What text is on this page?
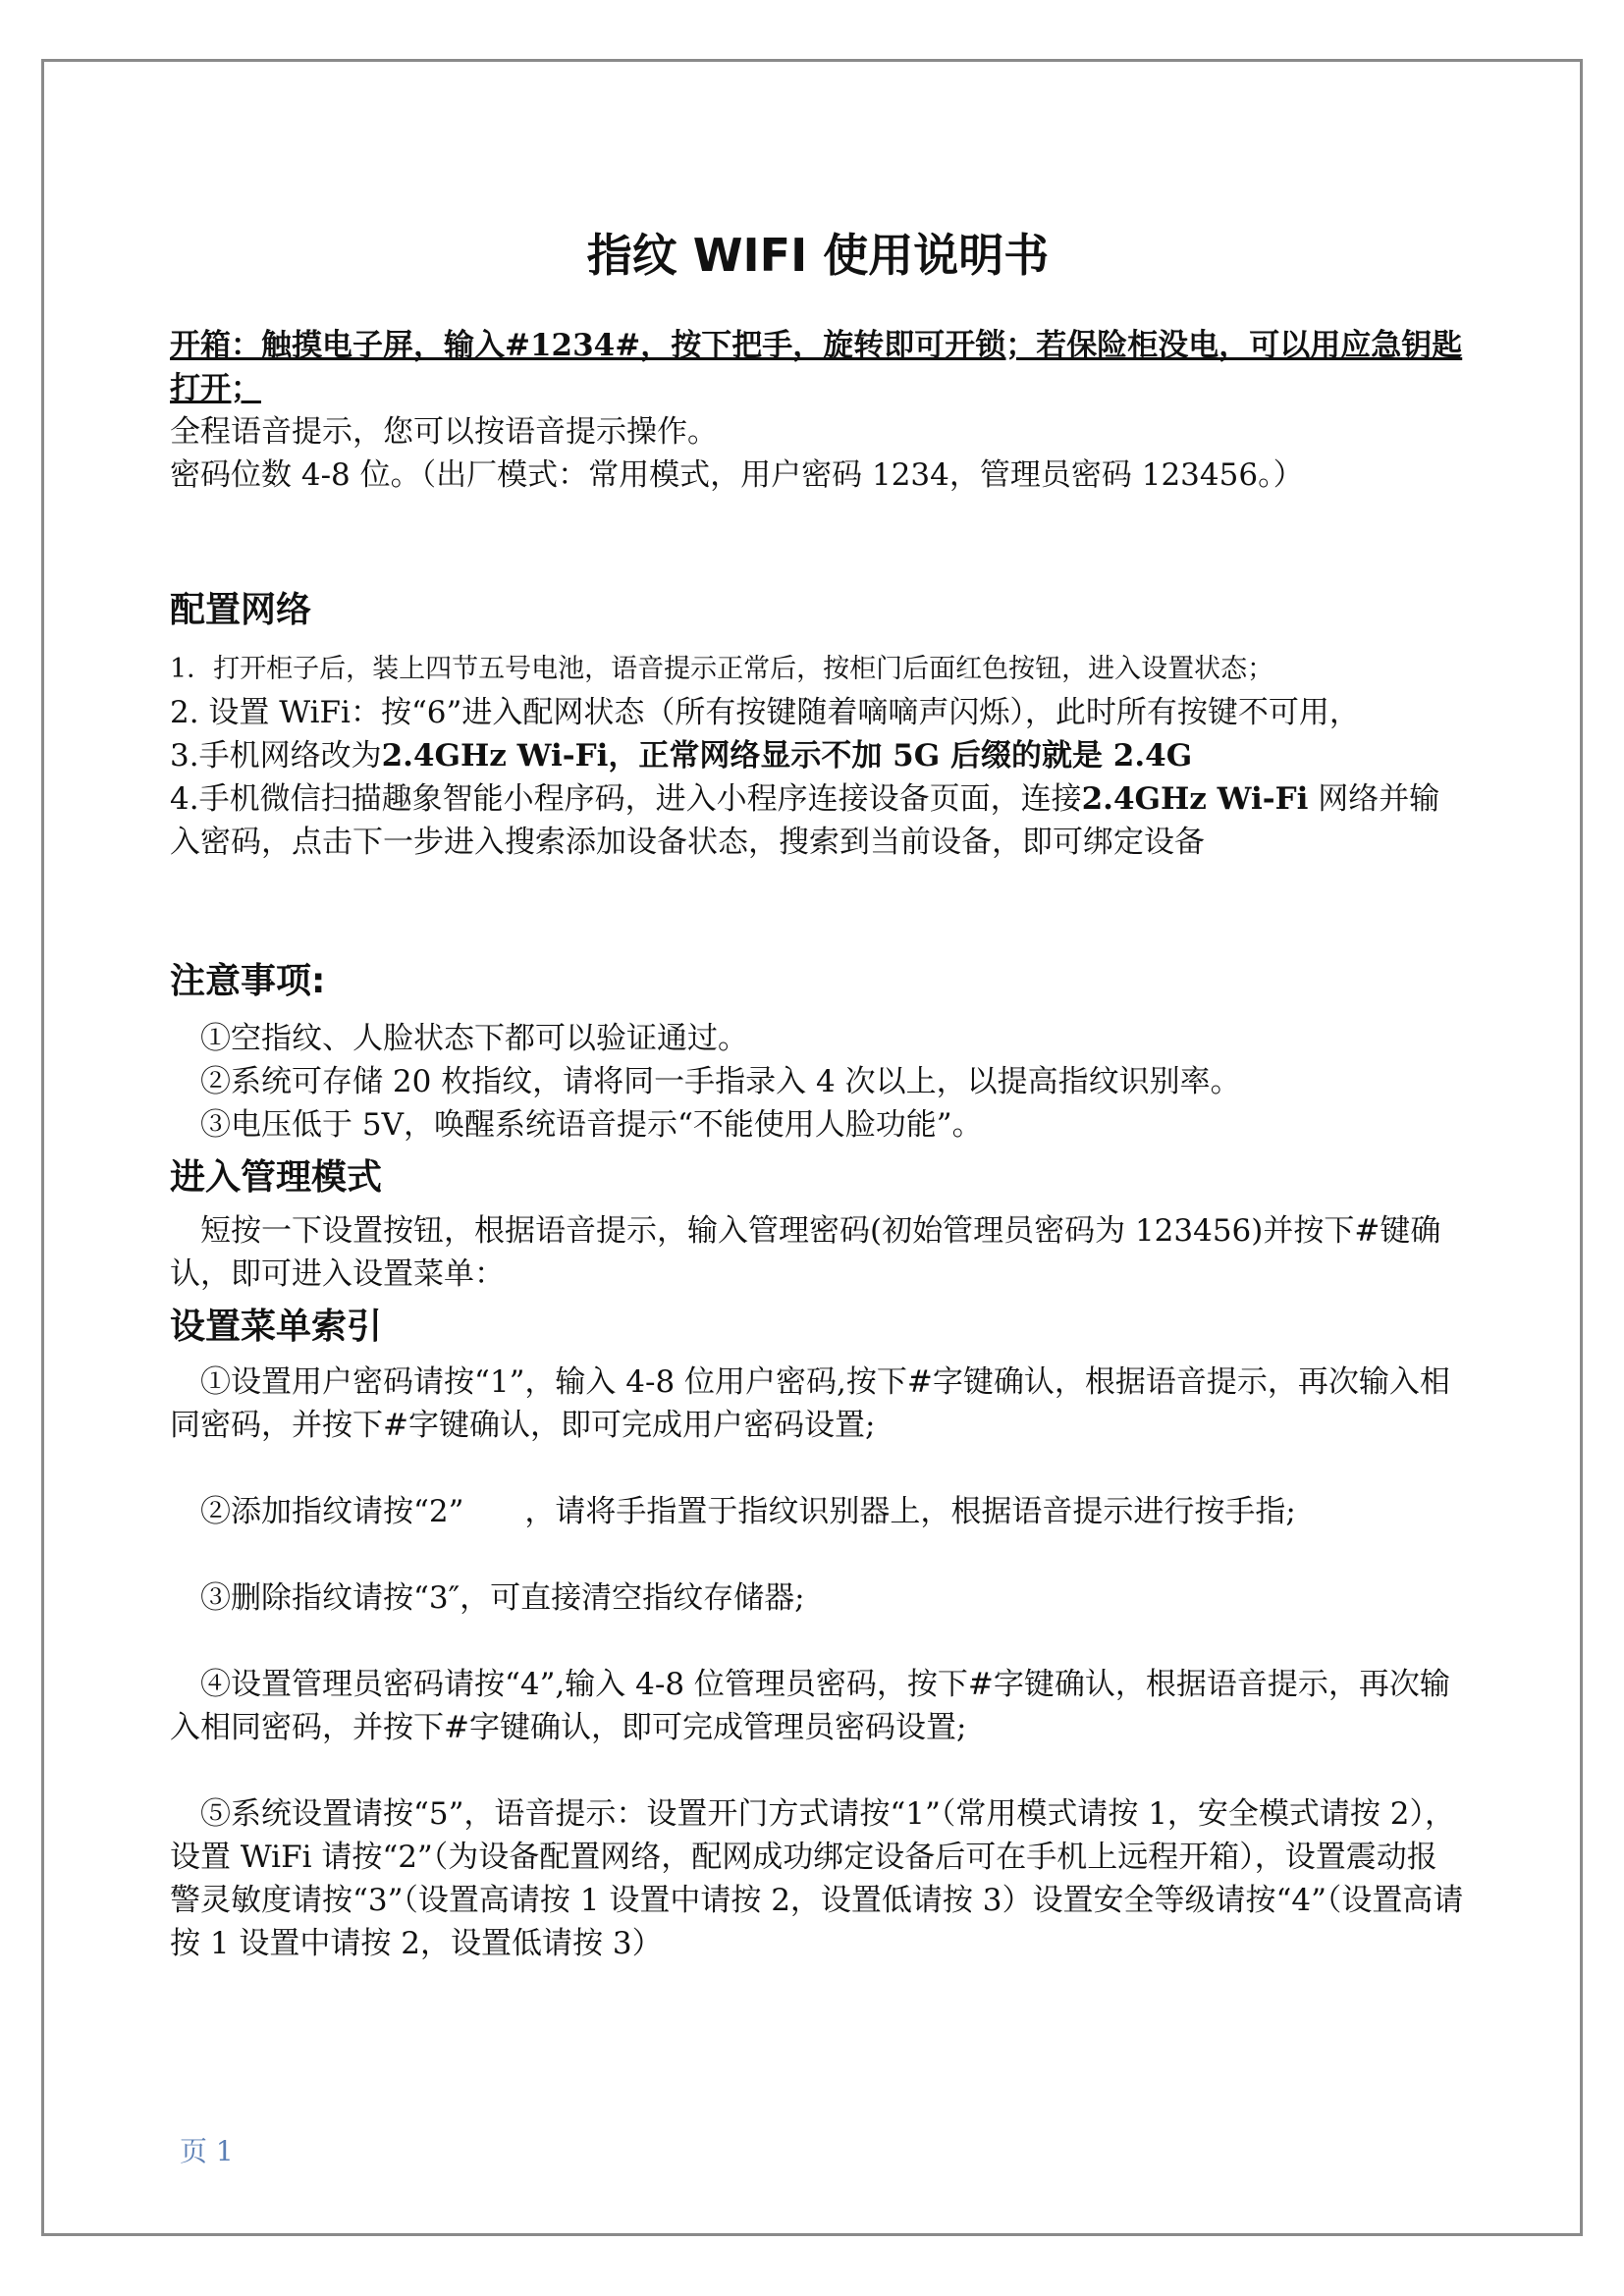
指纹 WIFI 使用说明书

开箱：触摸电子屏，输入#1234#，按下把手，旋转即可开锁；若保险柜没电，可以用应急钥匙打开；

全程语音提示，您可以按语音提示操作。

密码位数 4-8 位。（出厂模式：常用模式，用户密码 1234，管理员密码 123456。）

配置网络

1．打开柜子后，装上四节五号电池，语音提示正常后，按柜门后面红色按钮，进入设置状态；

2. 设置 WiFi：按“6”进入配网状态（所有按键随着嘀嘀声闪烁），此时所有按键不可用，

3.手机网络改为2.4GHz Wi-Fi，正常网络显示不加 5G 后缀的就是 2.4G

4.手机微信扫描趣象智能小程序码，进入小程序连接设备页面，连接2.4GHz Wi-Fi 网络并输入密码，点击下一步进入搜索添加设备状态，搜索到当前设备，即可绑定设备

注意事项:

①空指纹、人脸状态下都可以验证通过。

②系统可存储 20 枚指纹，请将同一手指录入 4 次以上，以提高指纹识别率。

③电压低于 5V，唤醒系统语音提示“不能使用人脸功能”。

进入管理模式

短按一下设置按钮，根据语音提示，输入管理密码(初始管理员密码为 123456)并按下#键确认，即可进入设置菜单：

设置菜单索引

①设置用户密码请按“1”，输入 4-8 位用户密码,按下#字键确认，根据语音提示，再次输入相同密码，并按下#字键确认，即可完成用户密码设置;

②添加指纹请按“2”　　，请将手指置于指纹识别器上，根据语音提示进行按手指;

③删除指纹请按“3″，可直接清空指纹存储器;

④设置管理员密码请按“4”,输入 4-8 位管理员密码，按下#字键确认，根据语音提示，再次输入相同密码，并按下#字键确认，即可完成管理员密码设置;

⑤系统设置请按“5”，语音提示：设置开门方式请按“1”（常用模式请按 1，安全模式请按 2），设置 WiFi 请按“2”（为设备配置网络，配网成功绑定设备后可在手机上远程开箱），设置震动报警灵敏度请按“3”（设置高请按 1 设置中请按 2，设置低请按 3）设置安全等级请按“4”（设置高请按 1 设置中请按 2，设置低请按 3）

页 1
